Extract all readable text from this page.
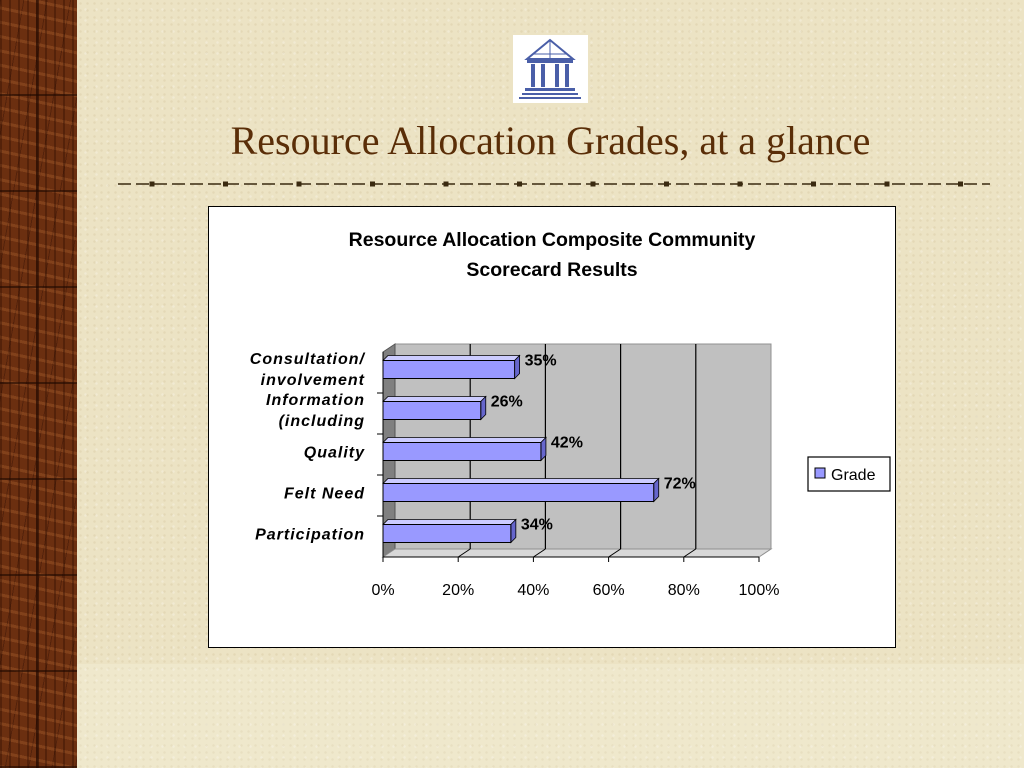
Resource Allocation Grades, at a glance
Resource Allocation Composite Community
Scorecard Results
0%	20%	40%	60%	80% 100%
35%
Consultation/
involvement
26%
Information
(including
42%
Quality
72%
Felt Need
34%
Participation
Grade
